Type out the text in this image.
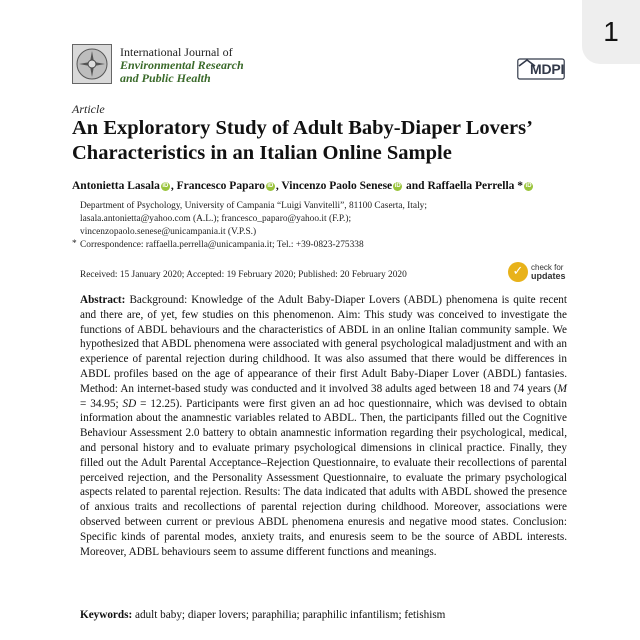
1
International Journal of
Environmental Research
and Public Health
MDPI
Article
An Exploratory Study of Adult Baby-Diaper Lovers’ Characteristics in an Italian Online Sample
Antonietta Lasala iD , Francesco Paparo iD , Vincenzo Paolo Senese iD and Raffaella Perrella * iD
Department of Psychology, University of Campania “Luigi Vanvitelli”, 81100 Caserta, Italy;
lasala.antonietta@yahoo.com (A.L.); francesco_paparo@yahoo.it (F.P.);
vincenzopaolo.senese@unicampania.it (V.P.S.)
Correspondence: raffaella.perrella@unicampania.it; Tel.: +39-0823-275338
*
Received: 15 January 2020; Accepted: 19 February 2020; Published: 20 February 2020	✓ check for
updates

Abstract: Background: Knowledge of the Adult Baby-Diaper Lovers (ABDL) phenomena is quite recent and there are, of yet, few studies on this phenomenon. Aim: This study was conceived to investigate the functions of ABDL behaviours and the characteristics of ABDL in an online Italian community sample. We hypothesized that ABDL phenomena were associated with general psychological maladjustment and with an experience of parental rejection during childhood. It was also assumed that there would be differences in ABDL profiles based on the age of appearance of their first Adult Baby-Diaper Lover (ABDL) fantasies. Method: An internet-based study was conducted and it involved 38 adults aged between 18 and 74 years (M = 34.95; SD = 12.25). Participants were first given an ad hoc questionnaire, which was devised to obtain information about the anamnestic variables related to ABDL. Then, the participants filled out the Cognitive Behaviour Assessment 2.0 battery to obtain anamnestic information regarding their psychological, medical, and personal history and to evaluate primary psychological dimensions in clinical practice. Finally, they filled out the Adult Parental Acceptance–Rejection Questionnaire, to evaluate their recollections of parental perceived rejection, and the Personality Assessment Questionnaire, to evaluate the primary psychological aspects related to parental rejection. Results: The data indicated that adults with ABDL showed the presence of anxious traits and recollections of parental rejection during childhood. Moreover, associations were observed between current or previous ABDL phenomena enuresis and negative mood states. Conclusion: Specific kinds of parental modes, anxiety traits, and enuresis seem to be the source of ABDL interests. Moreover, ADBL behaviours seem to assume different functions and meanings.

Keywords: adult baby; diaper lovers; paraphilia; paraphilic infantilism; fetishism
